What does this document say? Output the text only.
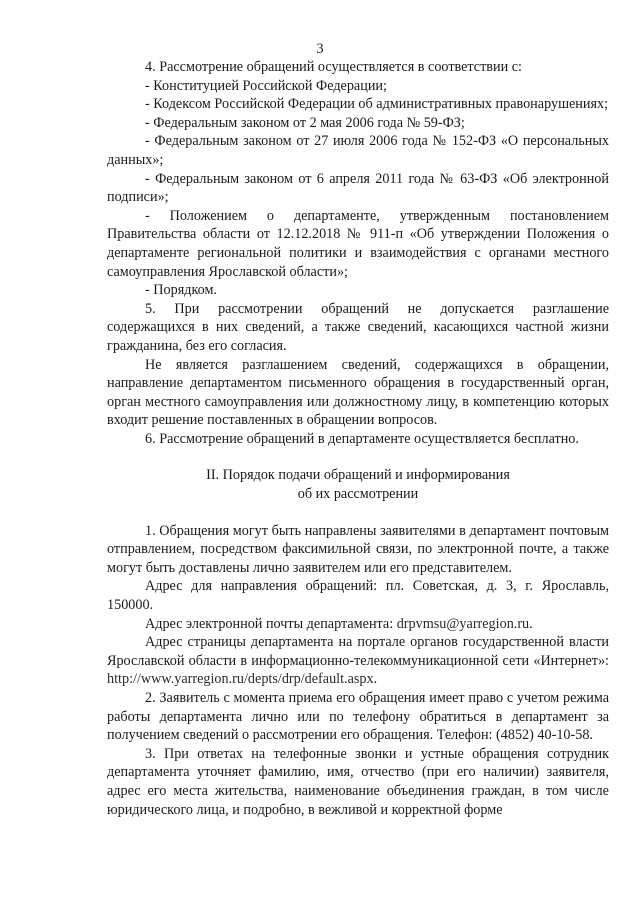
3

4. Рассмотрение обращений осуществляется в соответствии с:

- Конституцией Российской Федерации;

- Кодексом Российской Федерации об административных правонарушениях;

- Федеральным законом от 2 мая 2006 года № 59-ФЗ;

- Федеральным законом от 27 июля 2006 года № 152-ФЗ «О персональных данных»;

- Федеральным законом от 6 апреля 2011 года № 63-ФЗ «Об электронной подписи»;

- Положением о департаменте, утвержденным постановлением Правительства области от 12.12.2018 № 911-п «Об утверждении Положения о департаменте региональной политики и взаимодействия с органами местного самоуправления Ярославской области»;

- Порядком.

5. При рассмотрении обращений не допускается разглашение содержащихся в них сведений, а также сведений, касающихся частной жизни гражданина, без его согласия.

Не является разглашением сведений, содержащихся в обращении, направление департаментом письменного обращения в государственный орган, орган местного самоуправления или должностному лицу, в компетенцию которых входит решение поставленных в обращении вопросов.

6. Рассмотрение обращений в департаменте осуществляется бесплатно.

II. Порядок подачи обращений и информирования

об их рассмотрении

1. Обращения могут быть направлены заявителями в департамент почтовым отправлением, посредством факсимильной связи, по электронной почте, а также могут быть доставлены лично заявителем или его представителем.

Адрес для направления обращений: пл. Советская, д. 3, г. Ярославль, 150000.

Адрес электронной почты департамента: drpvmsu@yarregion.ru.

Адрес страницы департамента на портале органов государственной власти Ярославской области в информационно-телекоммуникационной сети «Интернет»: http://www.yarregion.ru/depts/drp/default.aspx.

2. Заявитель с момента приема его обращения имеет право с учетом режима работы департамента лично или по телефону обратиться в департамент за получением сведений о рассмотрении его обращения. Телефон: (4852) 40-10-58.

3. При ответах на телефонные звонки и устные обращения сотрудник департамента уточняет фамилию, имя, отчество (при его наличии) заявителя, адрес его места жительства, наименование объединения граждан, в том числе юридического лица, и подробно, в вежливой и корректной форме
